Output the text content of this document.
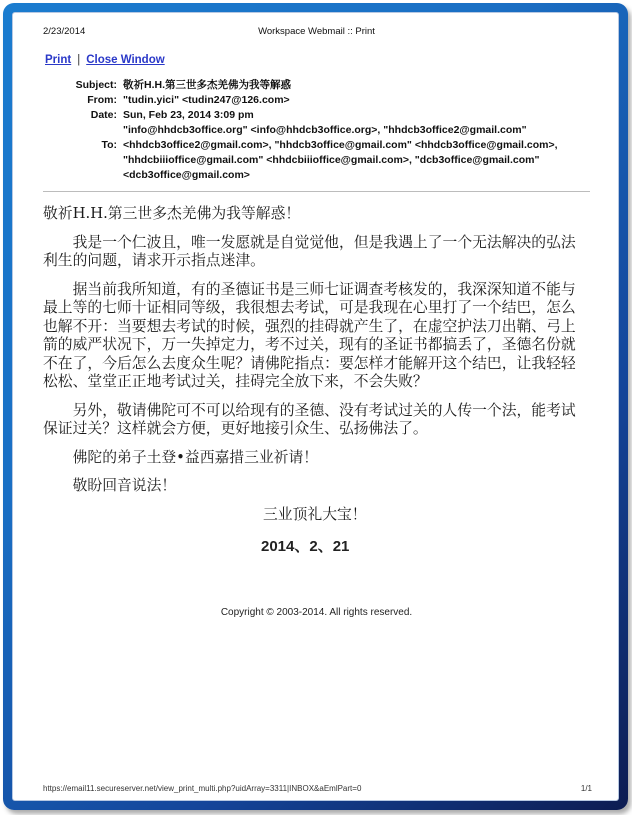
2/23/2014	Workspace Webmail :: Print
Print | Close Window
Subject: 敬祈H.H.第三世多杰羌佛为我等解惑
From: "tudin.yici" <tudin247@126.com>
Date: Sun, Feb 23, 2014 3:09 pm
To:
"info@hhdcb3office.org" <info@hhdcb3office.org>, "hhdcb3office2@gmail.com"
<hhdcb3office2@gmail.com>, "hhdcb3office@gmail.com" <hhdcb3office@gmail.com>,
"hhdcbiiioffice@gmail.com" <hhdcbiiioffice@gmail.com>, "dcb3office@gmail.com"
<dcb3office@gmail.com>

敬祈H.H.第三世多杰羌佛为我等解惑！

我是一个仁波且，唯一发愿就是自觉觉他，但是我遇上了一个无法解决的弘法利生的问题，请求开示指点迷津。

据当前我所知道，有的圣德证书是三师七证调查考核发的，我深深知道不能与最上等的七师十证相同等级，我很想去考试，可是我现在心里打了一个结巴，怎么也解不开：当要想去考试的时候，强烈的挂碍就产生了，在虚空护法刀出鞘、弓上箭的威严状况下，万一失掉定力，考不过关，现有的圣证书都搞丢了，圣德名份就不在了，今后怎么去度众生呢？请佛陀指点：要怎样才能解开这个结巴，让我轻轻松松、堂堂正正地考试过关，挂碍完全放下来，不会失败？

另外，敬请佛陀可不可以给现有的圣德、没有考试过关的人传一个法，能考试保证过关？这样就会方便，更好地接引众生、弘扬佛法了。

佛陀的弟子土登•益西嘉措三业祈请！

敬盼回音说法！

三业顶礼大宝！

2014、2、21
Copyright © 2003-2014. All rights reserved.
https://email11.secureserver.net/view_print_multi.php?uidArray=3311|INBOX&aEmlPart=0	1/1
